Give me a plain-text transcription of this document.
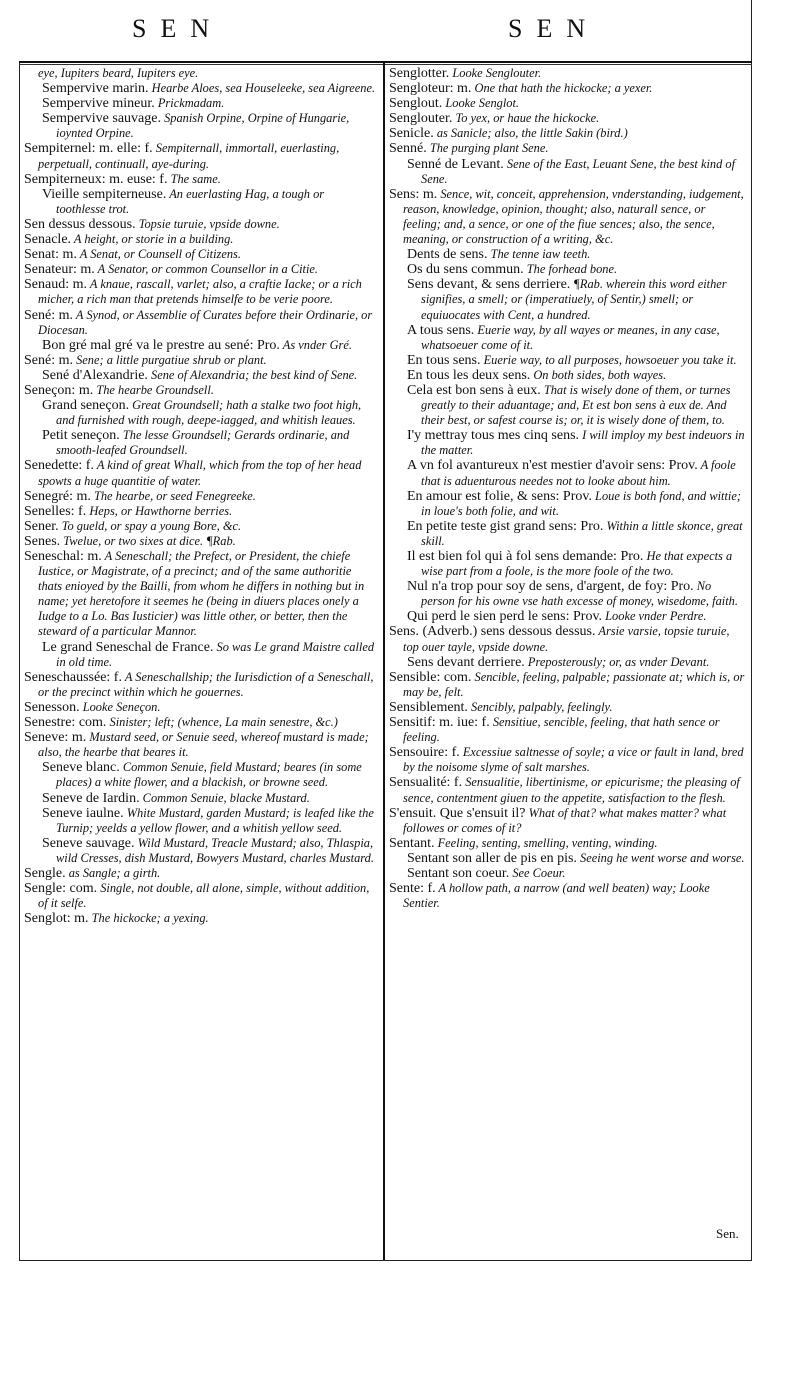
SEN	SEN

eye, Iupiters beard, Iupiters eye.

Sempervive marin. Hearbe Aloes, sea Houseleeke, sea Aigreene.

Sempervive mineur. Prickmadam.

Sempervive sauvage. Spanish Orpine, Orpine of Hungarie, ioynted Orpine.

Sempiternel: m. elle: f. Sempiternall, immortall, euerlasting, perpetuall, continuall, aye-during.

Sempiterneux: m. euse: f. The same.

Vieille sempiterneuse. An euerlasting Hag, a tough or toothlesse trot.

Sen dessus dessous. Topsie turuie, vpside downe.

Senacle. A height, or storie in a building.

Senat: m. A Senat, or Counsell of Citizens.

Senateur: m. A Senator, or common Counsellor in a Citie.

Senaud: m. A knaue, rascall, varlet; also, a craftie Iacke; or a rich micher, a rich man that pretends himselfe to be verie poore.

Sené: m. A Synod, or Assemblie of Curates before their Ordinarie, or Diocesan.

Bon gré mal gré va le prestre au sené: Pro. As vnder Gré.

Sené: m. Sene; a little purgatiue shrub or plant.

Sené d'Alexandrie. Sene of Alexandria; the best kind of Sene.

Seneçon: m. The hearbe Groundsell.

Grand seneçon. Great Groundsell; hath a stalke two foot high, and furnished with rough, deepe-iagged, and whitish leaues.

Petit seneçon. The lesse Groundsell; Gerards ordinarie, and smooth-leafed Groundsell.

Senedette: f. A kind of great Whall, which from the top of her head spowts a huge quantitie of water.

Senegré: m. The hearbe, or seed Fenegreeke.

Senelles: f. Heps, or Hawthorne berries.

Sener. To gueld, or spay a young Bore, &c.

Senes. Twelue, or two sixes at dice. ¶Rab.

Seneschal: m. A Seneschall; the Prefect, or President, the chiefe Iustice, or Magistrate, of a precinct; and of the same authoritie thats enioyed by the Bailli, from whom he differs in nothing but in name; yet heretofore it seemes he (being in diuers places onely a Iudge to a Lo. Bas Iusticier) was little other, or better, then the steward of a particular Mannor.

Le grand Seneschal de France. So was Le grand Maistre called in old time.

Seneschaussée: f. A Seneschallship; the Iurisdiction of a Seneschall, or the precinct within which he gouernes.

Senesson. Looke Seneçon.

Senestre: com. Sinister; left; (whence, La main senestre, &c.)

Seneve: m. Mustard seed, or Senuie seed, whereof mustard is made; also, the hearbe that beares it.

Seneve blanc. Common Senuie, field Mustard; beares (in some places) a white flower, and a blackish, or browne seed.

Seneve de Iardin. Common Senuie, blacke Mustard.

Seneve iaulne. White Mustard, garden Mustard; is leafed like the Turnip; yeelds a yellow flower, and a whitish yellow seed.

Seneve sauvage. Wild Mustard, Treacle Mustard; also, Thlaspia, wild Cresses, dish Mustard, Bowyers Mustard, charles Mustard.

Sengle. as Sangle; a girth.

Sengle: com. Single, not double, all alone, simple, without addition, of it selfe.

Senglot: m. The hickocke; a yexing.

Senglotter. Looke Senglouter.

Sengloteur: m. One that hath the hickocke; a yexer.

Senglout. Looke Senglot.

Senglouter. To yex, or haue the hickocke.

Senicle. as Sanicle; also, the little Sakin (bird.)

Senné. The purging plant Sene.

Senné de Levant. Sene of the East, Leuant Sene, the best kind of Sene.

Sens: m. Sence, wit, conceit, apprehension, vnderstanding, iudgement, reason, knowledge, opinion, thought; also, naturall sence, or feeling; and, a sence, or one of the fiue sences; also, the sence, meaning, or construction of a writing, &c.

Dents de sens. The tenne iaw teeth.

Os du sens commun. The forhead bone.

Sens devant, & sens derriere. ¶Rab. wherein this word either signifies, a smell; or (imperatiuely, of Sentir,) smell; or equiuocates with Cent, a hundred.

A tous sens. Euerie way, by all wayes or meanes, in any case, whatsoeuer come of it.

En tous sens. Euerie way, to all purposes, howsoeuer you take it.

En tous les deux sens. On both sides, both wayes.

Cela est bon sens à eux. That is wisely done of them, or turnes greatly to their aduantage; and, Et est bon sens à eux de. And their best, or safest course is; or, it is wisely done of them, to.

I'y mettray tous mes cinq sens. I will imploy my best indeuors in the matter.

A vn fol avantureux n'est mestier d'avoir sens: Prov. A foole that is aduenturous needes not to looke about him.

En amour est folie, & sens: Prov. Loue is both fond, and wittie; in loue's both folie, and wit.

En petite teste gist grand sens: Pro. Within a little skonce, great skill.

Il est bien fol qui à fol sens demande: Pro. He that expects a wise part from a foole, is the more foole of the two.

Nul n'a trop pour soy de sens, d'argent, de foy: Pro. No person for his owne vse hath excesse of money, wisedome, faith.

Qui perd le sien perd le sens: Prov. Looke vnder Perdre.

Sens. (Adverb.) sens dessous dessus. Arsie varsie, topsie turuie, top ouer tayle, vpside downe.

Sens devant derriere. Preposterously; or, as vnder Devant.

Sensible: com. Sencible, feeling, palpable; passionate at; which is, or may be, felt.

Sensiblement. Sencibly, palpably, feelingly.

Sensitif: m. iue: f. Sensitiue, sencible, feeling, that hath sence or feeling.

Sensouire: f. Excessiue saltnesse of soyle; a vice or fault in land, bred by the noisome slyme of salt marshes.

Sensualité: f. Sensualitie, libertinisme, or epicurisme; the pleasing of sence, contentment giuen to the appetite, satisfaction to the flesh.

S'ensuit. Que s'ensuit il? What of that? what makes matter? what followes or comes of it?

Sentant. Feeling, senting, smelling, venting, winding.

Sentant son aller de pis en pis. Seeing he went worse and worse.

Sentant son coeur. See Coeur.

Sente: f. A hollow path, a narrow (and well beaten) way; Looke Sentier.

Sen.
